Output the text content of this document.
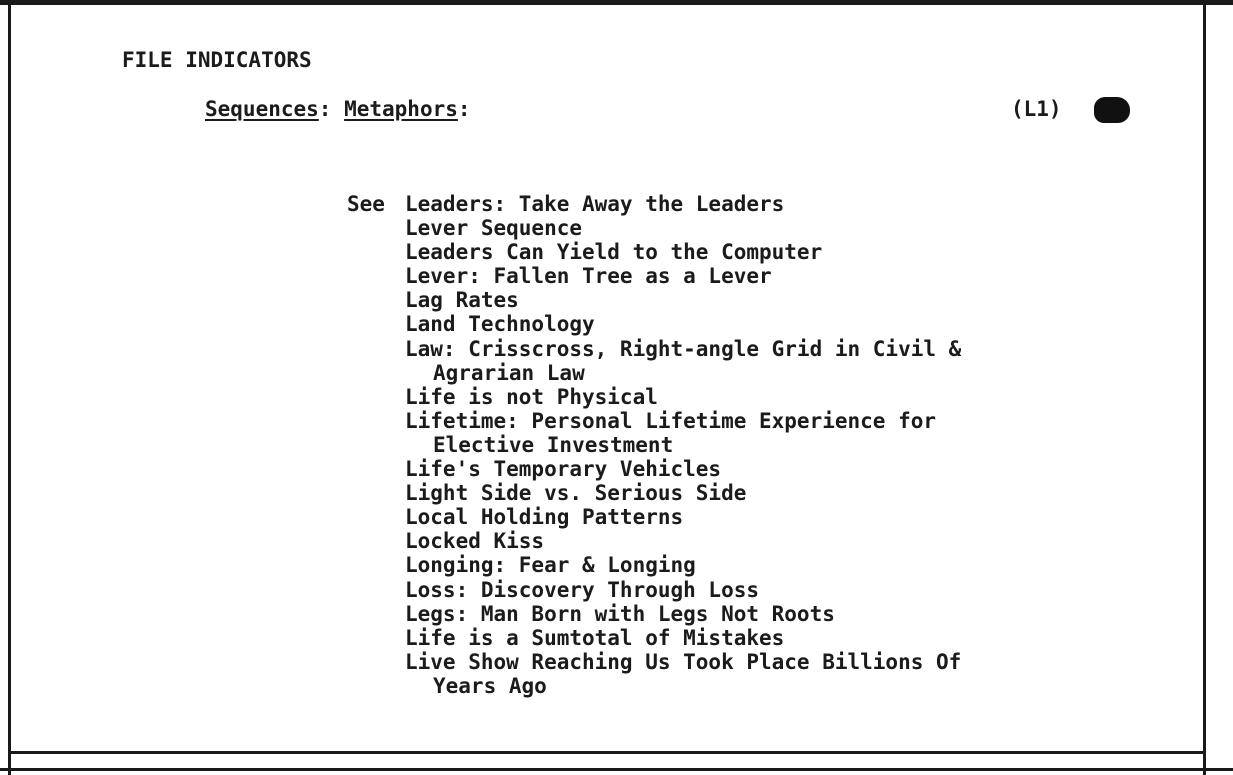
FILE INDICATORS
Sequences: Metaphors:	(L1)
See Leaders: Take Away the Leaders
Lever Sequence
Leaders Can Yield to the Computer
Lever: Fallen Tree as a Lever
Lag Rates
Land Technology
Law: Crisscross, Right-angle Grid in Civil &
Agrarian Law
Life is not Physical
Lifetime: Personal Lifetime Experience for
Elective Investment
Life's Temporary Vehicles
Light Side vs. Serious Side
Local Holding Patterns
Locked Kiss
Longing: Fear & Longing
Loss: Discovery Through Loss
Legs: Man Born with Legs Not Roots
Life is a Sumtotal of Mistakes
Live Show Reaching Us Took Place Billions Of
Years Ago
